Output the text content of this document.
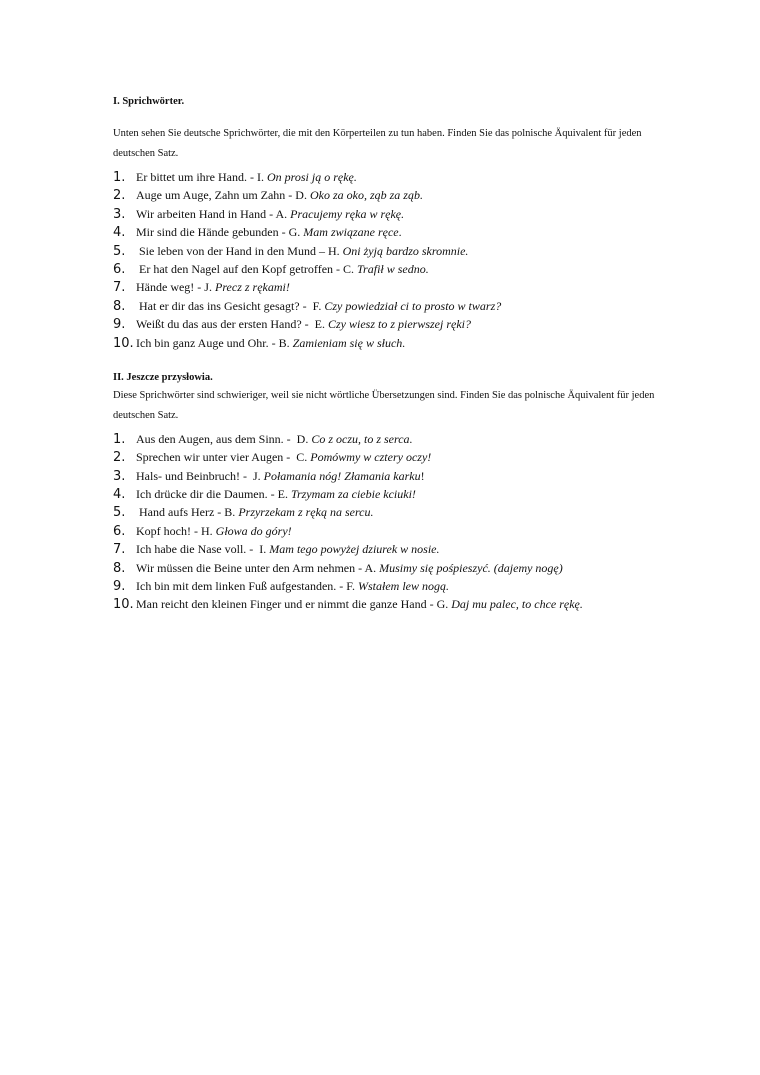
I. Sprichwörter.

Unten sehen Sie deutsche Sprichwörter, die mit den Körperteilen zu tun haben. Finden Sie das polnische Äquivalent für jeden deutschen Satz.

1. Er bittet um ihre Hand. - I. On prosi ją o rękę .
2. Auge um Auge, Zahn um Zahn - D. Oko za oko, ząb za ząb .
3. Wir arbeiten Hand in Hand - A. Pracujemy ręka w rękę .
4. Mir sind die Hände gebunden - G. Mam związane ręce .
5. Sie leben von der Hand in den Mund – H. Oni żyją bardzo skromnie .
6. Er hat den Nagel auf den Kopf getroffen - C. Trafił w sedno .
7. Hände weg! - J. Precz z rękami!
8. Hat er dir das ins Gesicht gesagt? -  F. Czy powiedział ci to prosto w twarz?
9. Weißt du das aus der ersten Hand? -  E. Czy wiesz to z pierwszej ręki?
10. Ich bin ganz Auge und Ohr. - B. Zamieniam się w słuch .

II. Jeszcze przysłowia.

Diese Sprichwörter sind schwieriger, weil sie nicht wörtliche Übersetzungen sind. Finden Sie das polnische Äquivalent für jeden deutschen Satz.

1. Aus den Augen, aus dem Sinn. -  D. Co z oczu, to z serca .
2. Sprechen wir unter vier Augen -  C. Pomówmy w cztery oczy!
3. Hals- und Beinbruch! -  J. Połamania nóg! Złamania karku !
4. Ich drücke dir die Daumen. - E. Trzymam za ciebie kciuki!
5. Hand aufs Herz - B. Przyrzekam z ręką na sercu .
6. Kopf hoch! - H. Głowa do góry!
7. Ich habe die Nase voll. -  I. Mam tego powyżej dziurek w nosie .
8. Wir müssen die Beine unter den Arm nehmen - A. Musimy się pośpieszyć. (dajemy nogę)
9. Ich bin mit dem linken Fuß aufgestanden. - F. Wstałem lew nogą .
10. Man reicht den kleinen Finger und er nimmt die ganze Hand - G. Daj mu palec, to chce rękę .
